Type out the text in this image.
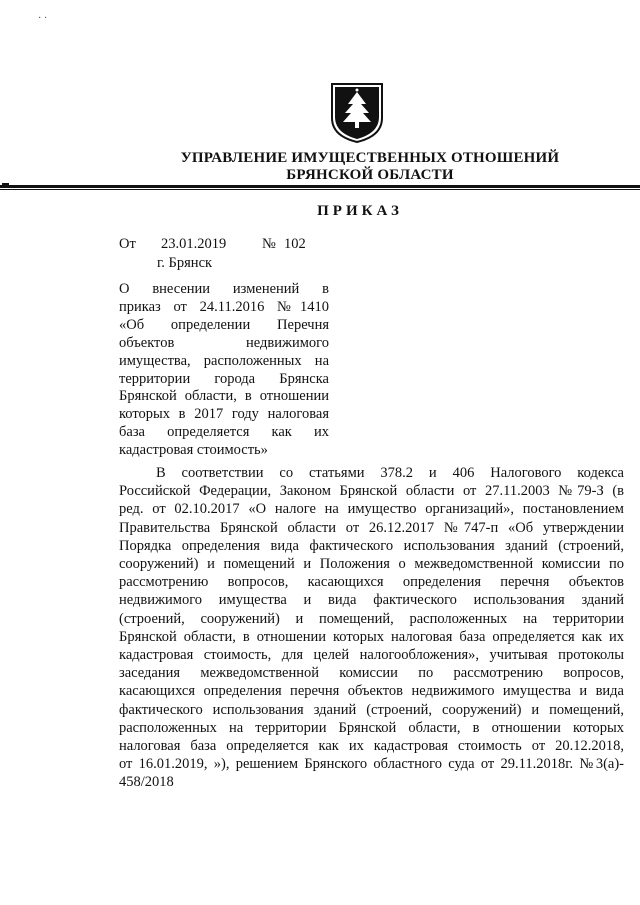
· ·
УПРАВЛЕНИЕ ИМУЩЕСТВЕННЫХ ОТНОШЕНИЙ
БРЯНСКОЙ ОБЛАСТИ
ПРИКАЗ
От 23.01.2019 № 102
г. Брянск
О внесении изменений в
приказ от 24.11.2016 №1410
«Об определении Перечня
объектов недвижимого
имущества, расположенных на
территории города Брянска
Брянской области, в отношении
которых в 2017 году налоговая
база определяется как их
кадастровая стоимость»
В соответствии со статьями 378.2 и 406 Налогового кодекса
Российской Федерации, Законом Брянской области от 27.11.2003 №79-З (в
ред. от 02.10.2017 «О налоге на имущество организаций», постановлением
Правительства Брянской области от 26.12.2017 №747-п «Об утверждении
Порядка определения вида фактического использования зданий (строений,
сооружений) и помещений и Положения о межведомственной комиссии по
рассмотрению вопросов, касающихся определения перечня объектов
недвижимого имущества и вида фактического использования зданий
(строений, сооружений) и помещений, расположенных на территории
Брянской области, в отношении которых налоговая база определяется как их
кадастровая стоимость, для целей налогообложения», учитывая протоколы
заседания межведомственной комиссии по рассмотрению вопросов,
касающихся определения перечня объектов недвижимого имущества и вида
фактического использования зданий (строений, сооружений) и помещений,
расположенных на территории Брянской области, в отношении которых
налоговая база определяется как их кадастровая стоимость от 20.12.2018,
от 16.01.2019, »), решением Брянского областного суда от 29.11.2018г. №3(а)-
458/2018
